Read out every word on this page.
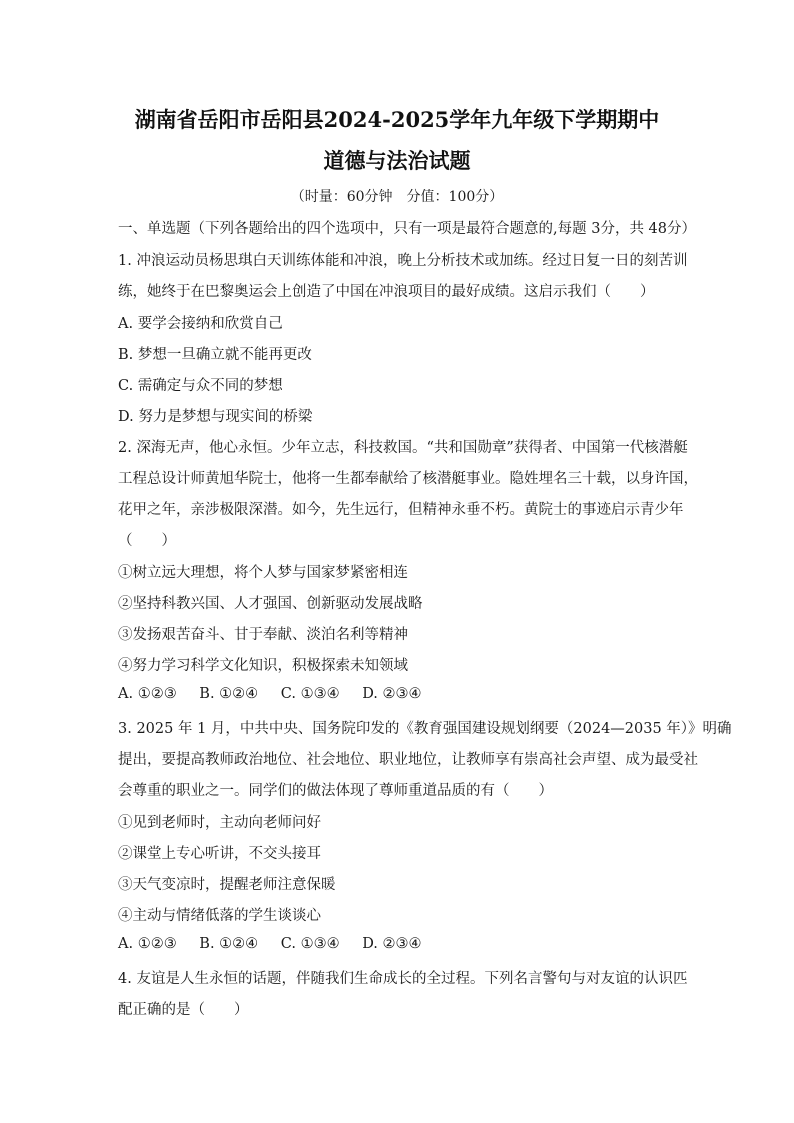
湖南省岳阳市岳阳县2024-2025学年九年级下学期期中
道德与法治试题
（时量：60分钟　分值：100分）
一、单选题（下列各题给出的四个选项中，只有一项是最符合题意的,每题 3分，共 48分）
1. 冲浪运动员杨思琪白天训练体能和冲浪，晚上分析技术或加练。经过日复一日的刻苦训
练，她终于在巴黎奥运会上创造了中国在冲浪项目的最好成绩。这启示我们（　　）
A. 要学会接纳和欣赏自己
B. 梦想一旦确立就不能再更改
C. 需确定与众不同的梦想
D. 努力是梦想与现实间的桥梁
2. 深海无声，他心永恒。少年立志，科技救国。“共和国勋章”获得者、中国第一代核潜艇
工程总设计师黄旭华院士，他将一生都奉献给了核潜艇事业。隐姓埋名三十载，以身许国，
花甲之年，亲涉极限深潜。如今，先生远行，但精神永垂不朽。黄院士的事迹启示青少年
（　　）
①树立远大理想，将个人梦与国家梦紧密相连
②坚持科教兴国、人才强国、创新驱动发展战略
③发扬艰苦奋斗、甘于奉献、淡泊名利等精神
④努力学习科学文化知识，积极探索未知领域
A. ①②③ B. ①②④ C. ①③④ D. ②③④
3. 2025 年 1 月，中共中央、国务院印发的《教育强国建设规划纲要（2024—2035 年）》明确
提出，要提高教师政治地位、社会地位、职业地位，让教师享有崇高社会声望、成为最受社
会尊重的职业之一。同学们的做法体现了尊师重道品质的有（　　）
①见到老师时，主动向老师问好
②课堂上专心听讲，不交头接耳
③天气变凉时，提醒老师注意保暖
④主动与情绪低落的学生谈谈心
A. ①②③ B. ①②④ C. ①③④ D. ②③④
4. 友谊是人生永恒的话题，伴随我们生命成长的全过程。下列名言警句与对友谊的认识匹
配正确的是（　　）
